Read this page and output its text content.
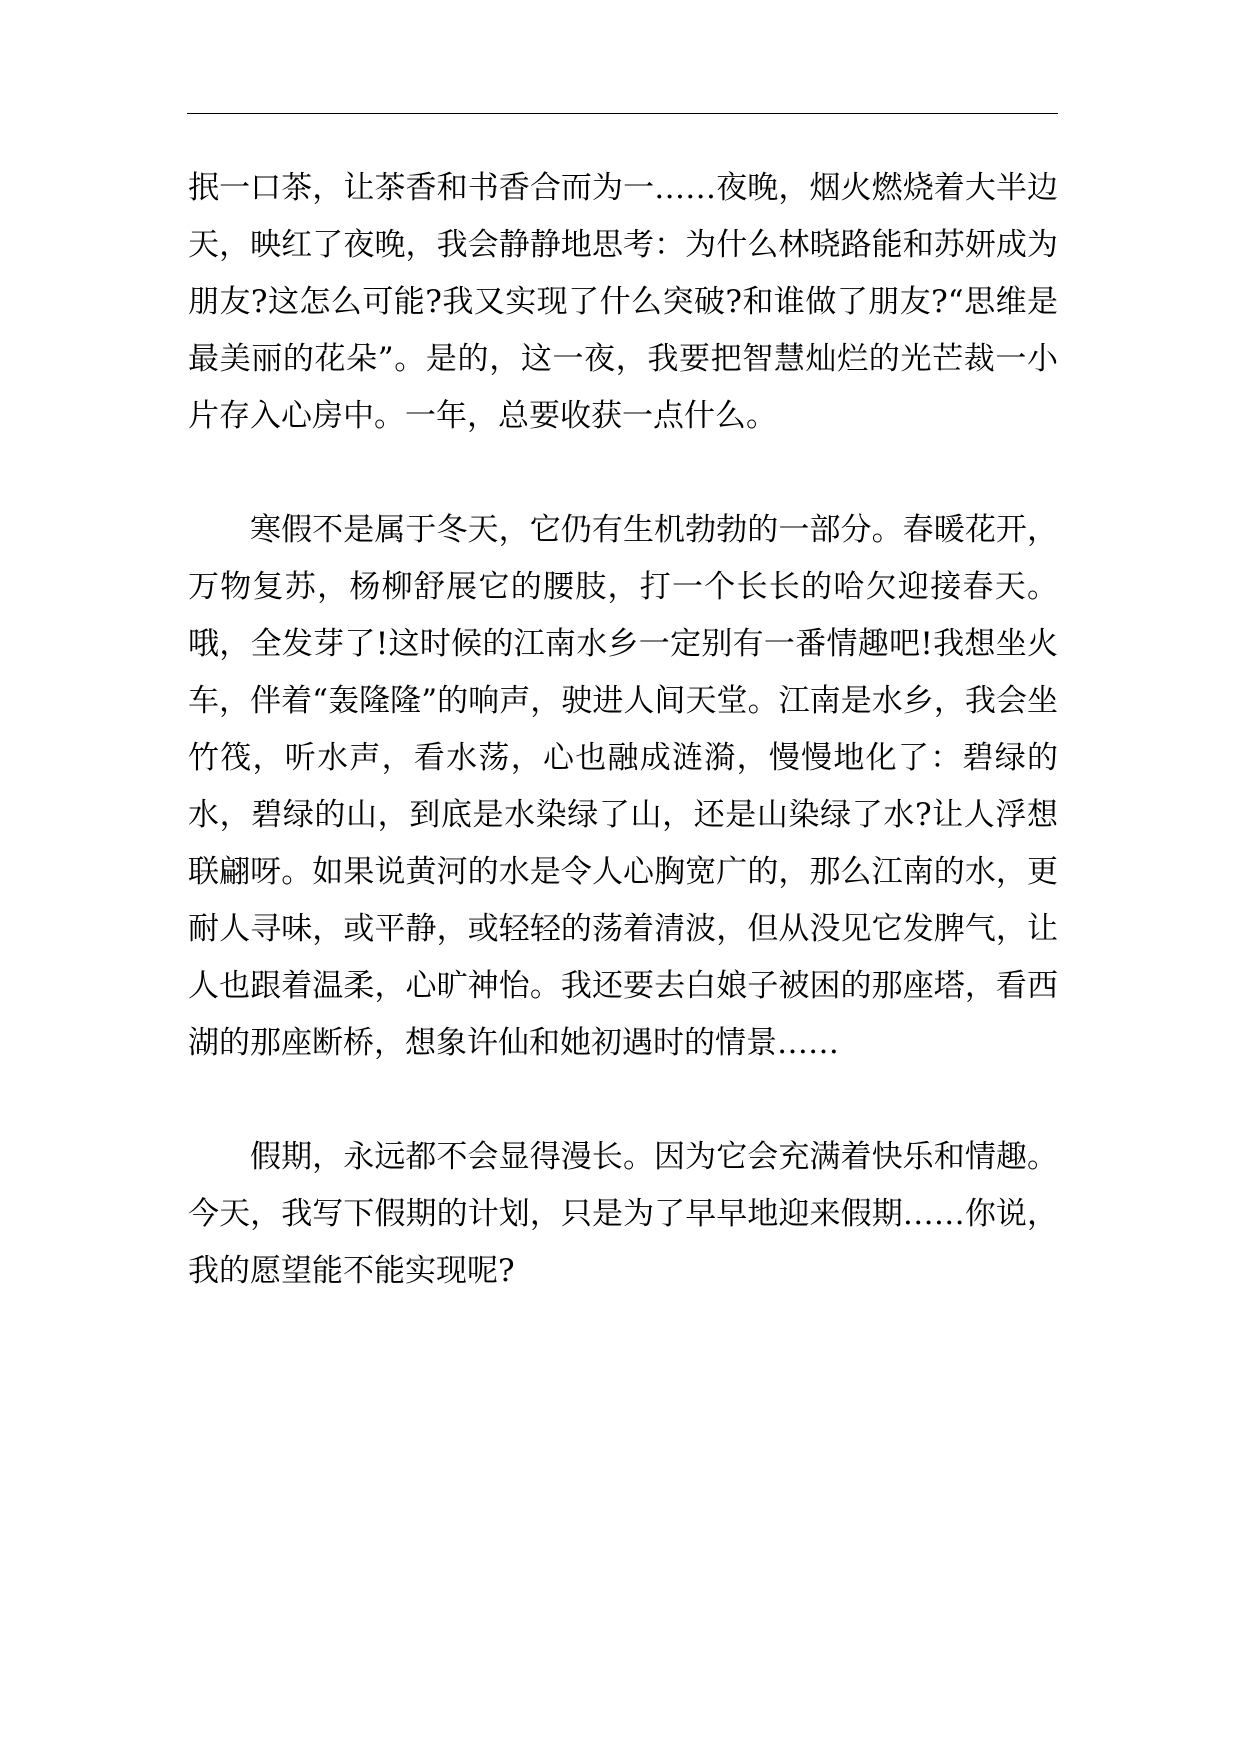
抿一口茶，让茶香和书香合而为一……夜晚，烟火燃烧着大半边天，映红了夜晚，我会静静地思考：为什么林晓路能和苏妍成为朋友?这怎么可能?我又实现了什么突破?和谁做了朋友?“思维是最美丽的花朵”。是的，这一夜，我要把智慧灿烂的光芒裁一小片存入心房中。一年，总要收获一点什么。

寒假不是属于冬天，它仍有生机勃勃的一部分。春暖花开，万物复苏，杨柳舒展它的腰肢，打一个长长的哈欠迎接春天。哦，全发芽了!这时候的江南水乡一定别有一番情趣吧!我想坐火车，伴着“轰隆隆”的响声，驶进人间天堂。江南是水乡，我会坐竹筏，听水声，看水荡，心也融成涟漪，慢慢地化了：碧绿的水，碧绿的山，到底是水染绿了山，还是山染绿了水?让人浮想联翩呀。如果说黄河的水是令人心胸宽广的，那么江南的水，更耐人寻味，或平静，或轻轻的荡着清波，但从没见它发脾气，让人也跟着温柔，心旷神怡。我还要去白娘子被困的那座塔，看西湖的那座断桥，想象许仙和她初遇时的情景……

假期，永远都不会显得漫长。因为它会充满着快乐和情趣。今天，我写下假期的计划，只是为了早早地迎来假期……你说，我的愿望能不能实现呢?
